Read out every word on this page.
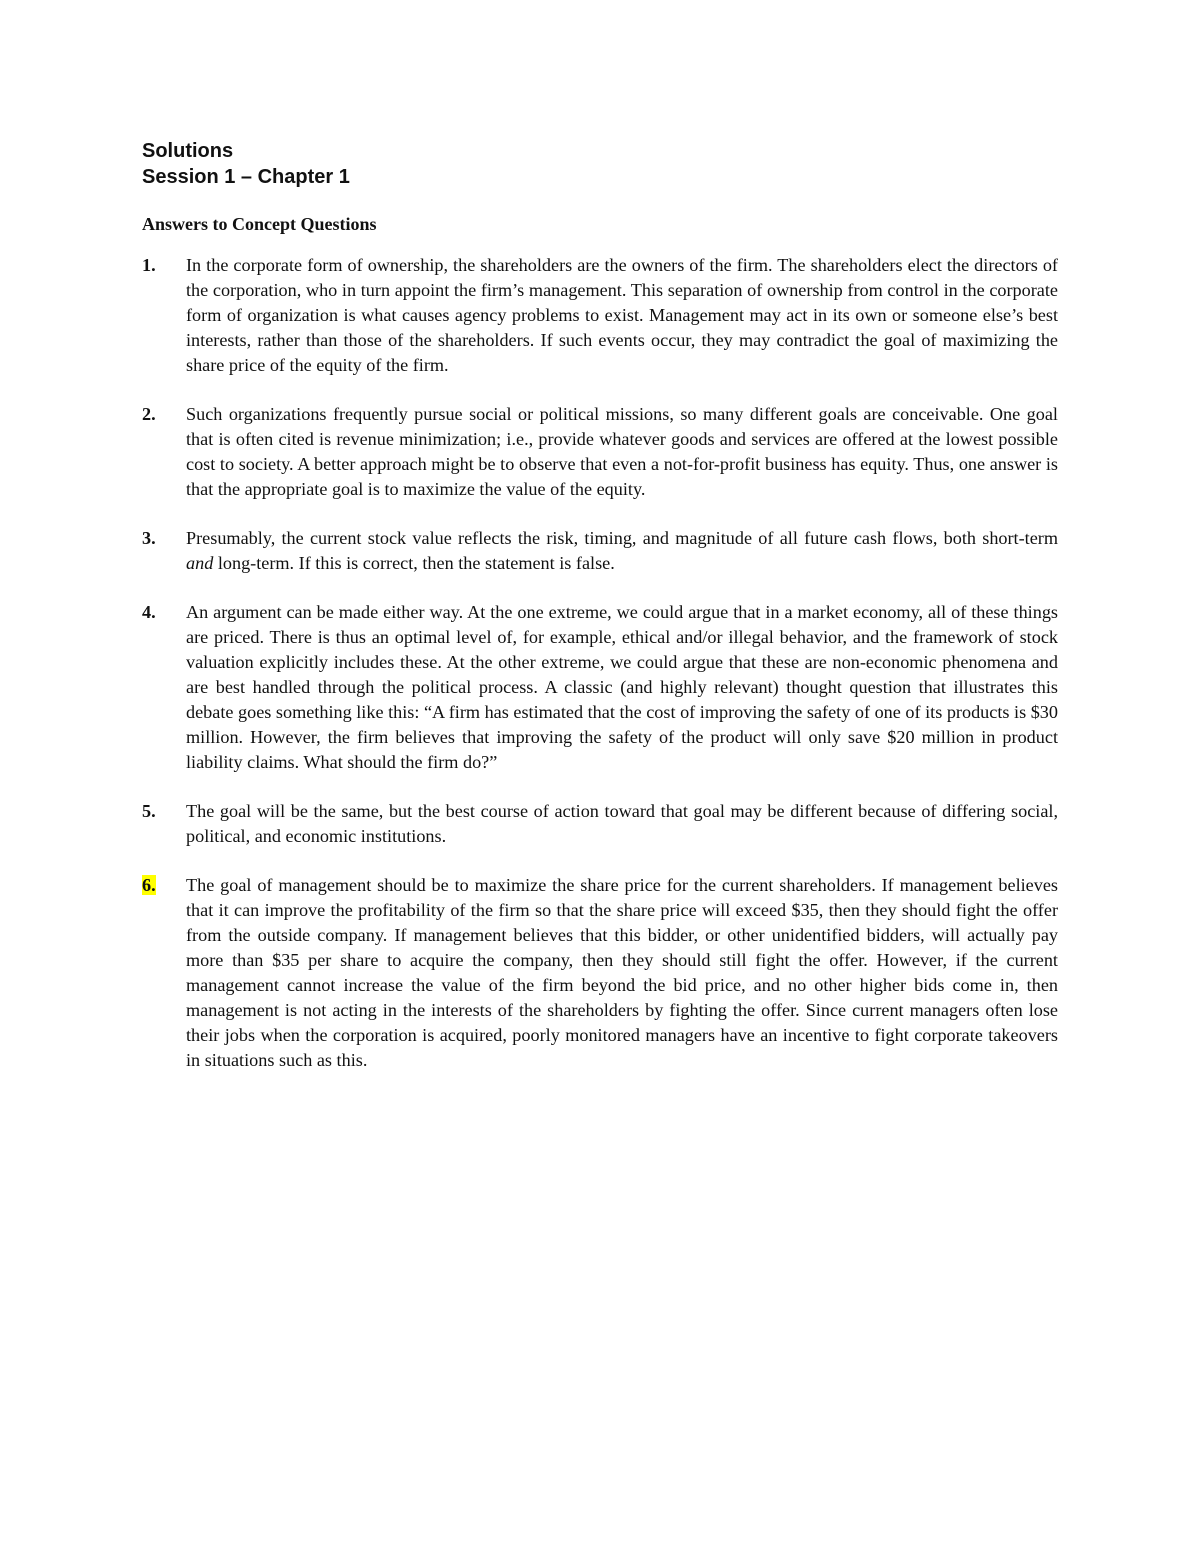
Solutions
Session 1 – Chapter 1
Answers to Concept Questions
1.	In the corporate form of ownership, the shareholders are the owners of the firm. The shareholders elect the directors of the corporation, who in turn appoint the firm’s management. This separation of ownership from control in the corporate form of organization is what causes agency problems to exist. Management may act in its own or someone else’s best interests, rather than those of the shareholders. If such events occur, they may contradict the goal of maximizing the share price of the equity of the firm.
2.	Such organizations frequently pursue social or political missions, so many different goals are conceivable. One goal that is often cited is revenue minimization; i.e., provide whatever goods and services are offered at the lowest possible cost to society. A better approach might be to observe that even a not-for-profit business has equity. Thus, one answer is that the appropriate goal is to maximize the value of the equity.
3.	Presumably, the current stock value reflects the risk, timing, and magnitude of all future cash flows, both short-term and long-term. If this is correct, then the statement is false.
4.	An argument can be made either way. At the one extreme, we could argue that in a market economy, all of these things are priced. There is thus an optimal level of, for example, ethical and/or illegal behavior, and the framework of stock valuation explicitly includes these. At the other extreme, we could argue that these are non-economic phenomena and are best handled through the political process. A classic (and highly relevant) thought question that illustrates this debate goes something like this: “A firm has estimated that the cost of improving the safety of one of its products is $30 million. However, the firm believes that improving the safety of the product will only save $20 million in product liability claims. What should the firm do?”
5.	The goal will be the same, but the best course of action toward that goal may be different because of differing social, political, and economic institutions.
6.	The goal of management should be to maximize the share price for the current shareholders. If management believes that it can improve the profitability of the firm so that the share price will exceed $35, then they should fight the offer from the outside company. If management believes that this bidder, or other unidentified bidders, will actually pay more than $35 per share to acquire the company, then they should still fight the offer. However, if the current management cannot increase the value of the firm beyond the bid price, and no other higher bids come in, then management is not acting in the interests of the shareholders by fighting the offer. Since current managers often lose their jobs when the corporation is acquired, poorly monitored managers have an incentive to fight corporate takeovers in situations such as this.
